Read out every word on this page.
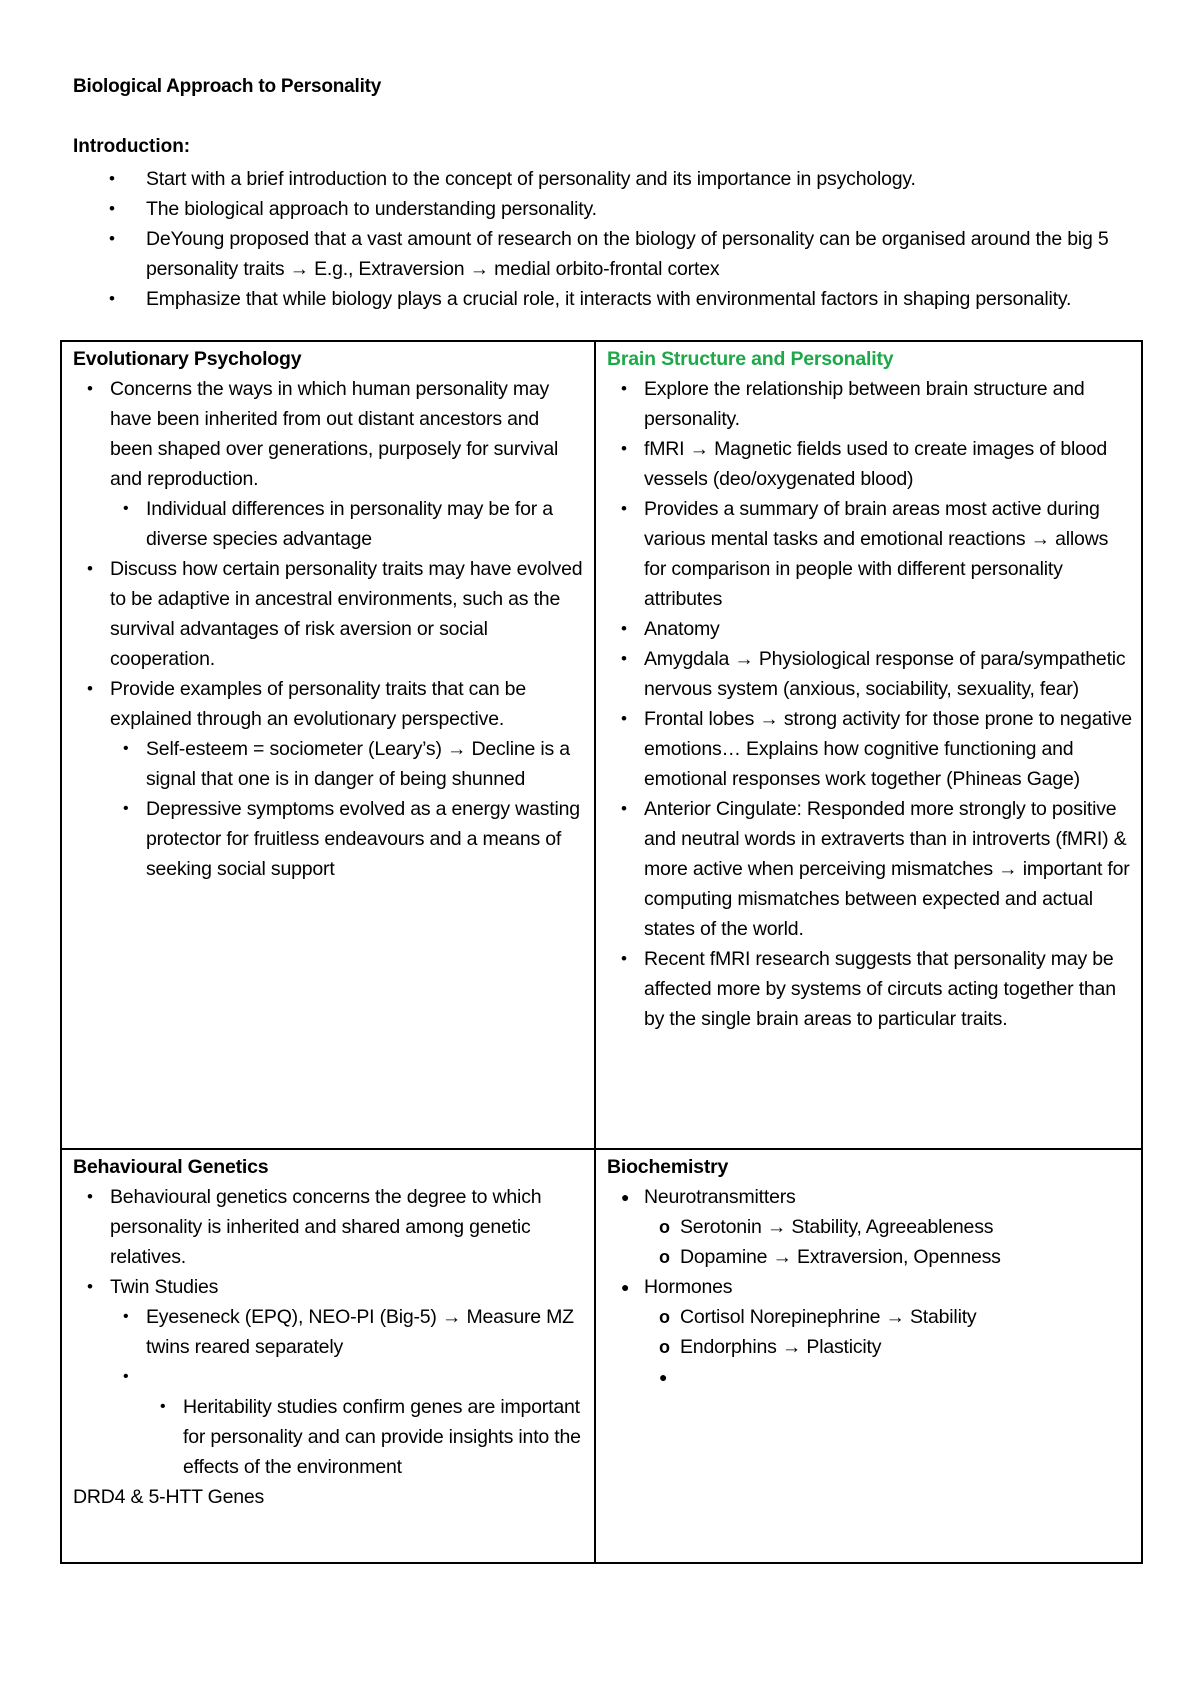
Biological Approach to Personality
Introduction:
• Start with a brief introduction to the concept of personality and its importance in psychology.
• The biological approach to understanding personality.
• DeYoung proposed that a vast amount of research on the biology of personality can be organised around the big 5 personality traits → E.g., Extraversion → medial orbito-frontal cortex
• Emphasize that while biology plays a crucial role, it interacts with environmental factors in shaping personality.
Evolutionary Psychology
• Concerns the ways in which human personality may have been inherited from out distant ancestors and been shaped over generations, purposely for survival and reproduction.
• Individual differences in personality may be for a diverse species advantage
• Discuss how certain personality traits may have evolved to be adaptive in ancestral environments, such as the survival advantages of risk aversion or social cooperation.
• Provide examples of personality traits that can be explained through an evolutionary perspective.
• Self-esteem = sociometer (Leary’s) → Decline is a signal that one is in danger of being shunned
• Depressive symptoms evolved as a energy wasting protector for fruitless endeavours and a means of seeking social support
Brain Structure and Personality
• Explore the relationship between brain structure and personality.
• fMRI → Magnetic fields used to create images of blood vessels (deo/oxygenated blood)
• Provides a summary of brain areas most active during various mental tasks and emotional reactions → allows for comparison in people with different personality attributes
• Anatomy
• Amygdala → Physiological response of para/sympathetic nervous system (anxious, sociability, sexuality, fear)
• Frontal lobes → strong activity for those prone to negative emotions… Explains how cognitive functioning and emotional responses work together (Phineas Gage)
• Anterior Cingulate: Responded more strongly to positive and neutral words in extraverts than in introverts (fMRI) & more active when perceiving mismatches → important for computing mismatches between expected and actual states of the world.
• Recent fMRI research suggests that personality may be affected more by systems of circuts acting together than by the single brain areas to particular traits.
Behavioural Genetics
• Behavioural genetics concerns the degree to which personality is inherited and shared among genetic relatives.
• Twin Studies
• Eyeseneck (EPQ), NEO-PI (Big-5) → Measure MZ twins reared separately
•
• Heritability studies confirm genes are important for personality and can provide insights into the effects of the environment
DRD4 & 5-HTT Genes
Biochemistry
● Neurotransmitters
o Serotonin → Stability, Agreeableness
o Dopamine → Extraversion, Openness
● Hormones
o Cortisol Norepinephrine → Stability
o Endorphins → Plasticity
●
